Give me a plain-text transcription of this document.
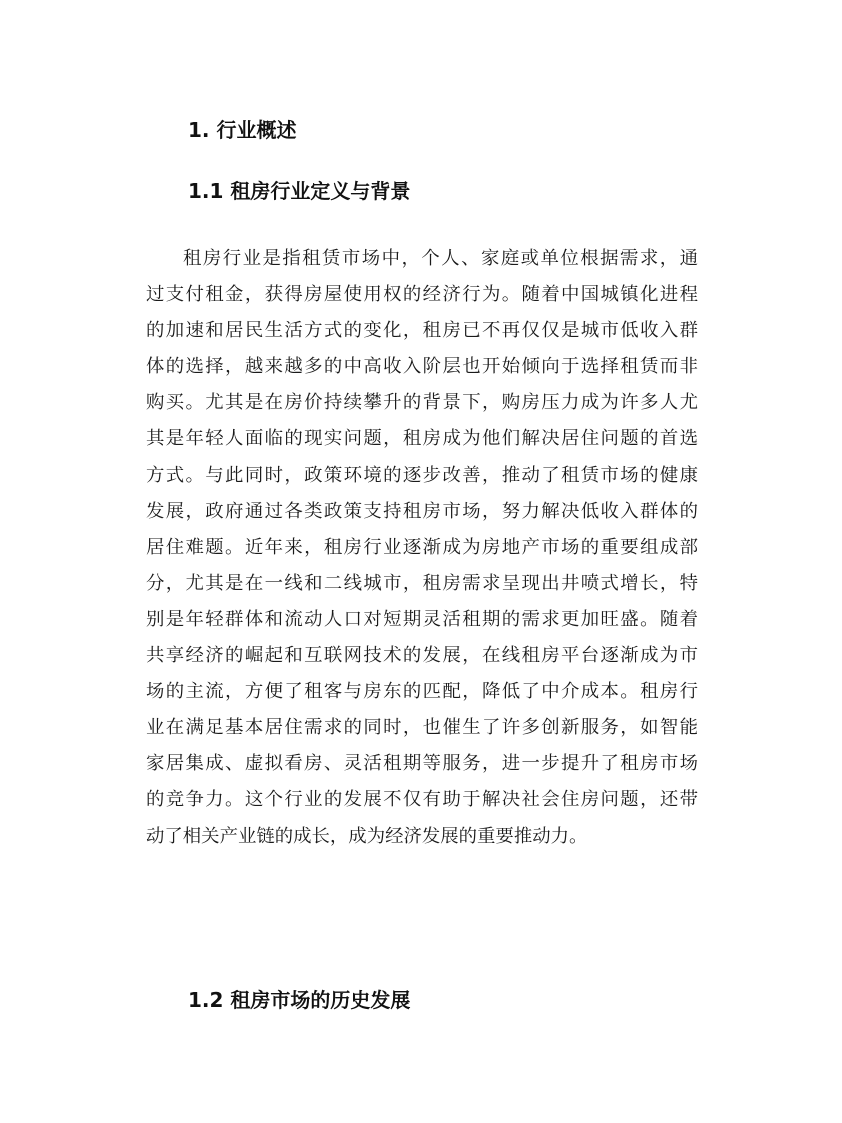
1. 行业概述
1.1 租房行业定义与背景
租房行业是指租赁市场中，个人、家庭或单位根据需求，通
过支付租金，获得房屋使用权的经济行为。随着中国城镇化进程
的加速和居民生活方式的变化，租房已不再仅仅是城市低收入群
体的选择，越来越多的中高收入阶层也开始倾向于选择租赁而非
购买。尤其是在房价持续攀升的背景下，购房压力成为许多人尤
其是年轻人面临的现实问题，租房成为他们解决居住问题的首选
方式。与此同时，政策环境的逐步改善，推动了租赁市场的健康
发展，政府通过各类政策支持租房市场，努力解决低收入群体的
居住难题。近年来，租房行业逐渐成为房地产市场的重要组成部
分，尤其是在一线和二线城市，租房需求呈现出井喷式增长，特
别是年轻群体和流动人口对短期灵活租期的需求更加旺盛。随着
共享经济的崛起和互联网技术的发展，在线租房平台逐渐成为市
场的主流，方便了租客与房东的匹配，降低了中介成本。租房行
业在满足基本居住需求的同时，也催生了许多创新服务，如智能
家居集成、虚拟看房、灵活租期等服务，进一步提升了租房市场
的竞争力。这个行业的发展不仅有助于解决社会住房问题，还带
动了相关产业链的成长，成为经济发展的重要推动力。
1.2 租房市场的历史发展
